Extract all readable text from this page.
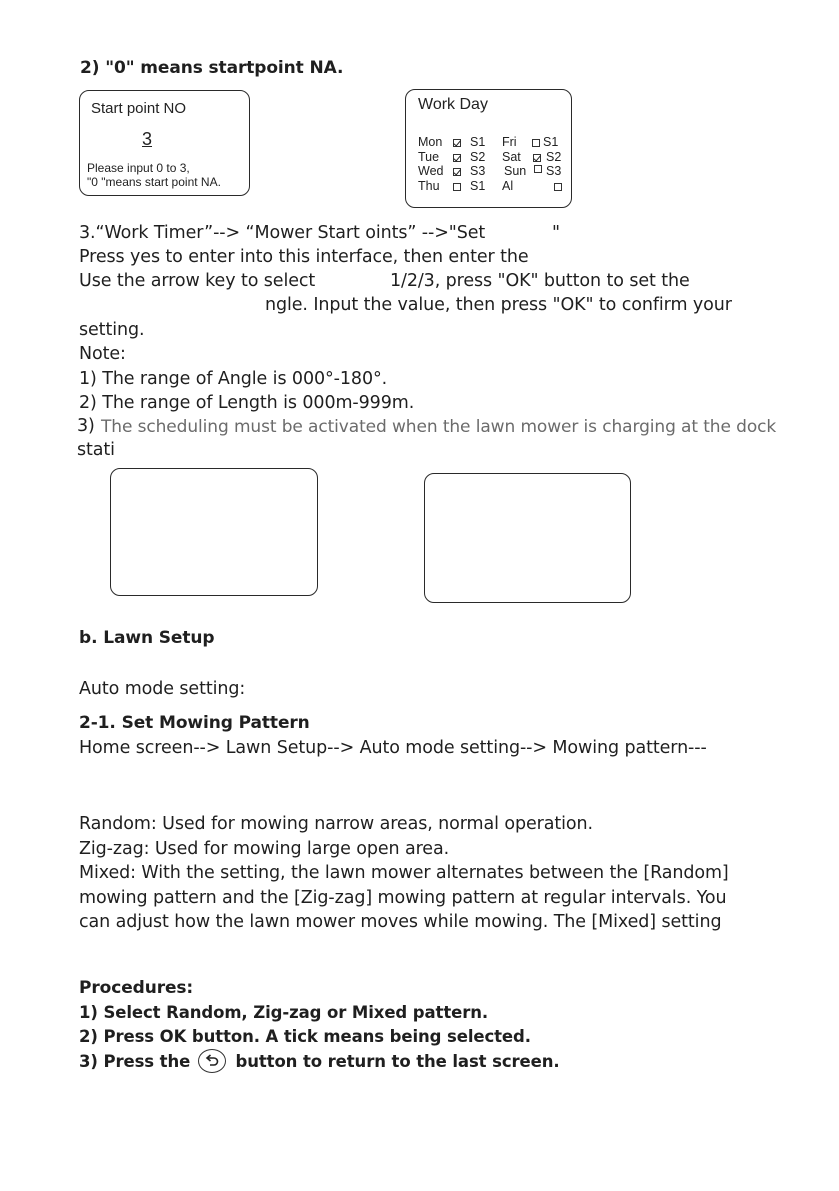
2) "0" means startpoint NA.
Start point NO
3
Please input 0 to 3,
"0 "means start point NA.
Work Day
Mon S1 Fri S1
Tue S2 Sat S2
Wed S3 Sun S3
Thu S1 Al
3.“Work Timer”--> “Mower Start oints” -->"Set	"
Press yes to enter into this interface, then enter the
Use the arrow key to select	1/2/3, press "OK" button to set the
ngle. Input the value, then press "OK" to confirm your
setting.
Note:
1) The range of Angle is 000°-180°.
2) The range of Length is 000m-999m.
3) The scheduling must be activated when the lawn mower is charging at the dock
stati
b. Lawn Setup
Auto mode setting:
2-1. Set Mowing Pattern
Home screen--> Lawn Setup--> Auto mode setting--> Mowing pattern---
Random: Used for mowing narrow areas, normal operation.
Zig-zag: Used for mowing large open area.
Mixed: With the setting, the lawn mower alternates between the [Random]
mowing pattern and the [Zig-zag] mowing pattern at regular intervals. You
can adjust how the lawn mower moves while mowing. The [Mixed] setting
Procedures:
1) Select Random, Zig-zag or Mixed pattern.
2) Press OK button. A tick means being selected.
3) Press the	button to return to the last screen.
